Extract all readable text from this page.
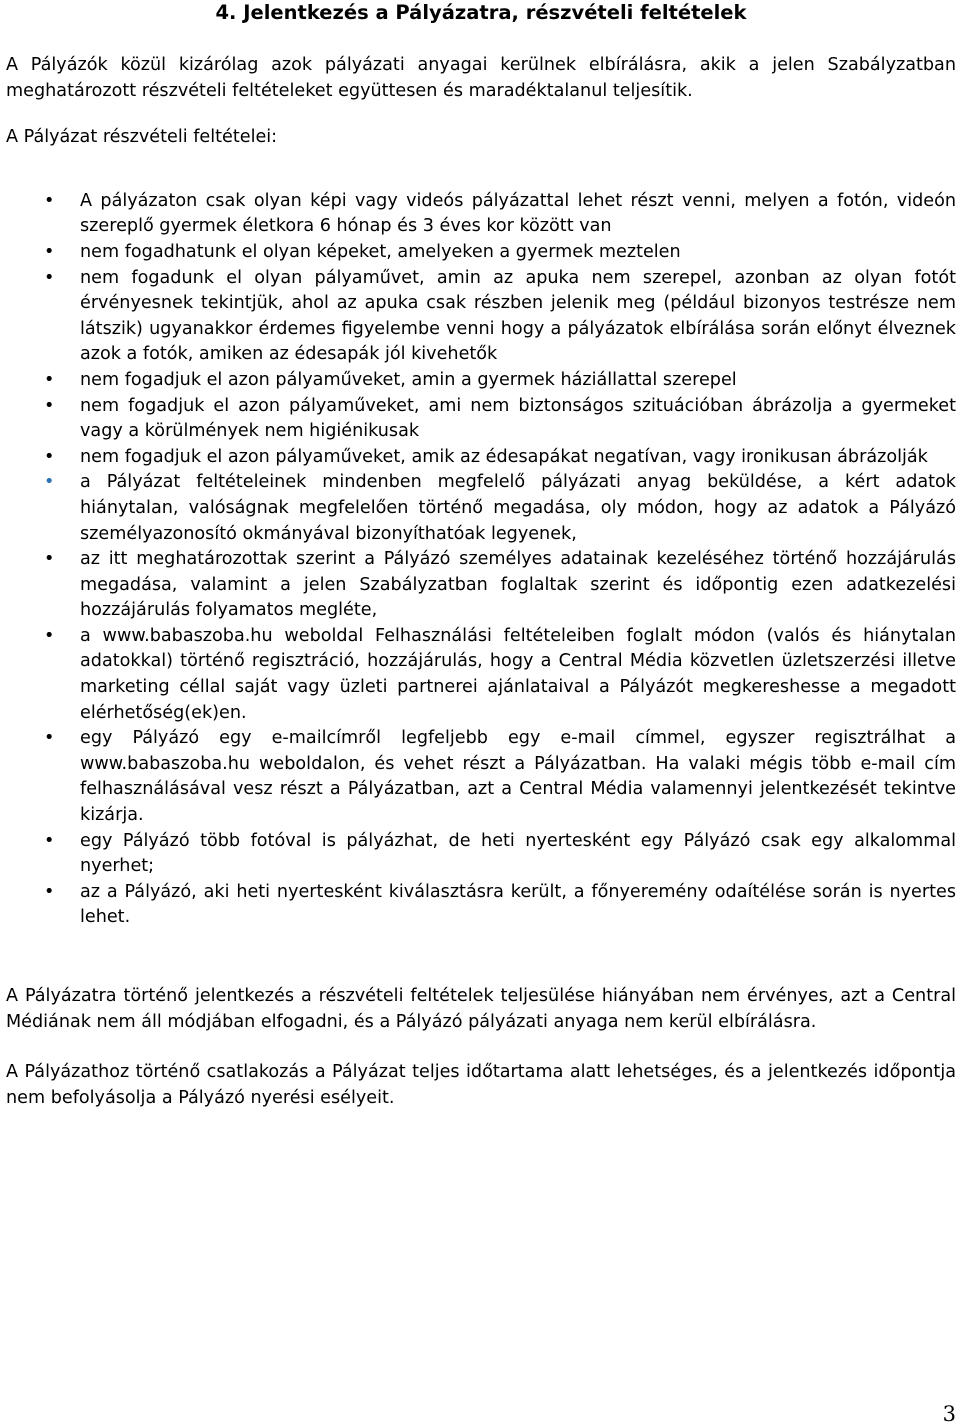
4. Jelentkezés a Pályázatra, részvételi feltételek

A Pályázók közül kizárólag azok pályázati anyagai kerülnek elbírálásra, akik a jelen Szabályzatban meghatározott részvételi feltételeket együttesen és maradéktalanul teljesítik.

A Pályázat részvételi feltételei:

• A pályázaton csak olyan képi vagy videós pályázattal lehet részt venni, melyen a fotón, videón szereplő gyermek életkora 6 hónap és 3 éves kor között van
• nem fogadhatunk el olyan képeket, amelyeken a gyermek meztelen
• nem fogadunk el olyan pályaművet, amin az apuka nem szerepel, azonban az olyan fotót érvényesnek tekintjük, ahol az apuka csak részben jelenik meg (például bizonyos testrésze nem látszik) ugyanakkor érdemes figyelembe venni hogy a pályázatok elbírálása során előnyt élveznek azok a fotók, amiken az édesapák jól kivehetők
• nem fogadjuk el azon pályaműveket, amin a gyermek háziállattal szerepel
• nem fogadjuk el azon pályaműveket, ami nem biztonságos szituációban ábrázolja a gyermeket vagy a körülmények nem higiénikusak
• nem fogadjuk el azon pályaműveket, amik az édesapákat negatívan, vagy ironikusan ábrázolják
• a Pályázat feltételeinek mindenben megfelelő pályázati anyag beküldése, a kért adatok hiánytalan, valóságnak megfelelően történő megadása, oly módon, hogy az adatok a Pályázó személyazonosító okmányával bizonyíthatóak legyenek,
• az itt meghatározottak szerint a Pályázó személyes adatainak kezeléséhez történő hozzájárulás megadása, valamint a jelen Szabályzatban foglaltak szerint és időpontig ezen adatkezelési hozzájárulás folyamatos megléte,
• a www.babaszoba.hu weboldal Felhasználási feltételeiben foglalt módon (valós és hiánytalan adatokkal) történő regisztráció, hozzájárulás, hogy a Central Média közvetlen üzletszerzési illetve marketing céllal saját vagy üzleti partnerei ajánlataival a Pályázót megkereshesse a megadott elérhetőség(ek)en.
• egy Pályázó egy e-mailcímről legfeljebb egy e-mail címmel, egyszer regisztrálhat a www.babaszoba.hu weboldalon, és vehet részt a Pályázatban. Ha valaki mégis több e-mail cím felhasználásával vesz részt a Pályázatban, azt a Central Média valamennyi jelentkezését tekintve kizárja.
• egy Pályázó több fotóval is pályázhat, de heti nyertesként egy Pályázó csak egy alkalommal nyerhet;
• az a Pályázó, aki heti nyertesként kiválasztásra került, a főnyeremény odaítélése során is nyertes lehet.

A Pályázatra történő jelentkezés a részvételi feltételek teljesülése hiányában nem érvényes, azt a Central Médiának nem áll módjában elfogadni, és a Pályázó pályázati anyaga nem kerül elbírálásra.

A Pályázathoz történő csatlakozás a Pályázat teljes időtartama alatt lehetséges, és a jelentkezés időpontja nem befolyásolja a Pályázó nyerési esélyeit.

3
